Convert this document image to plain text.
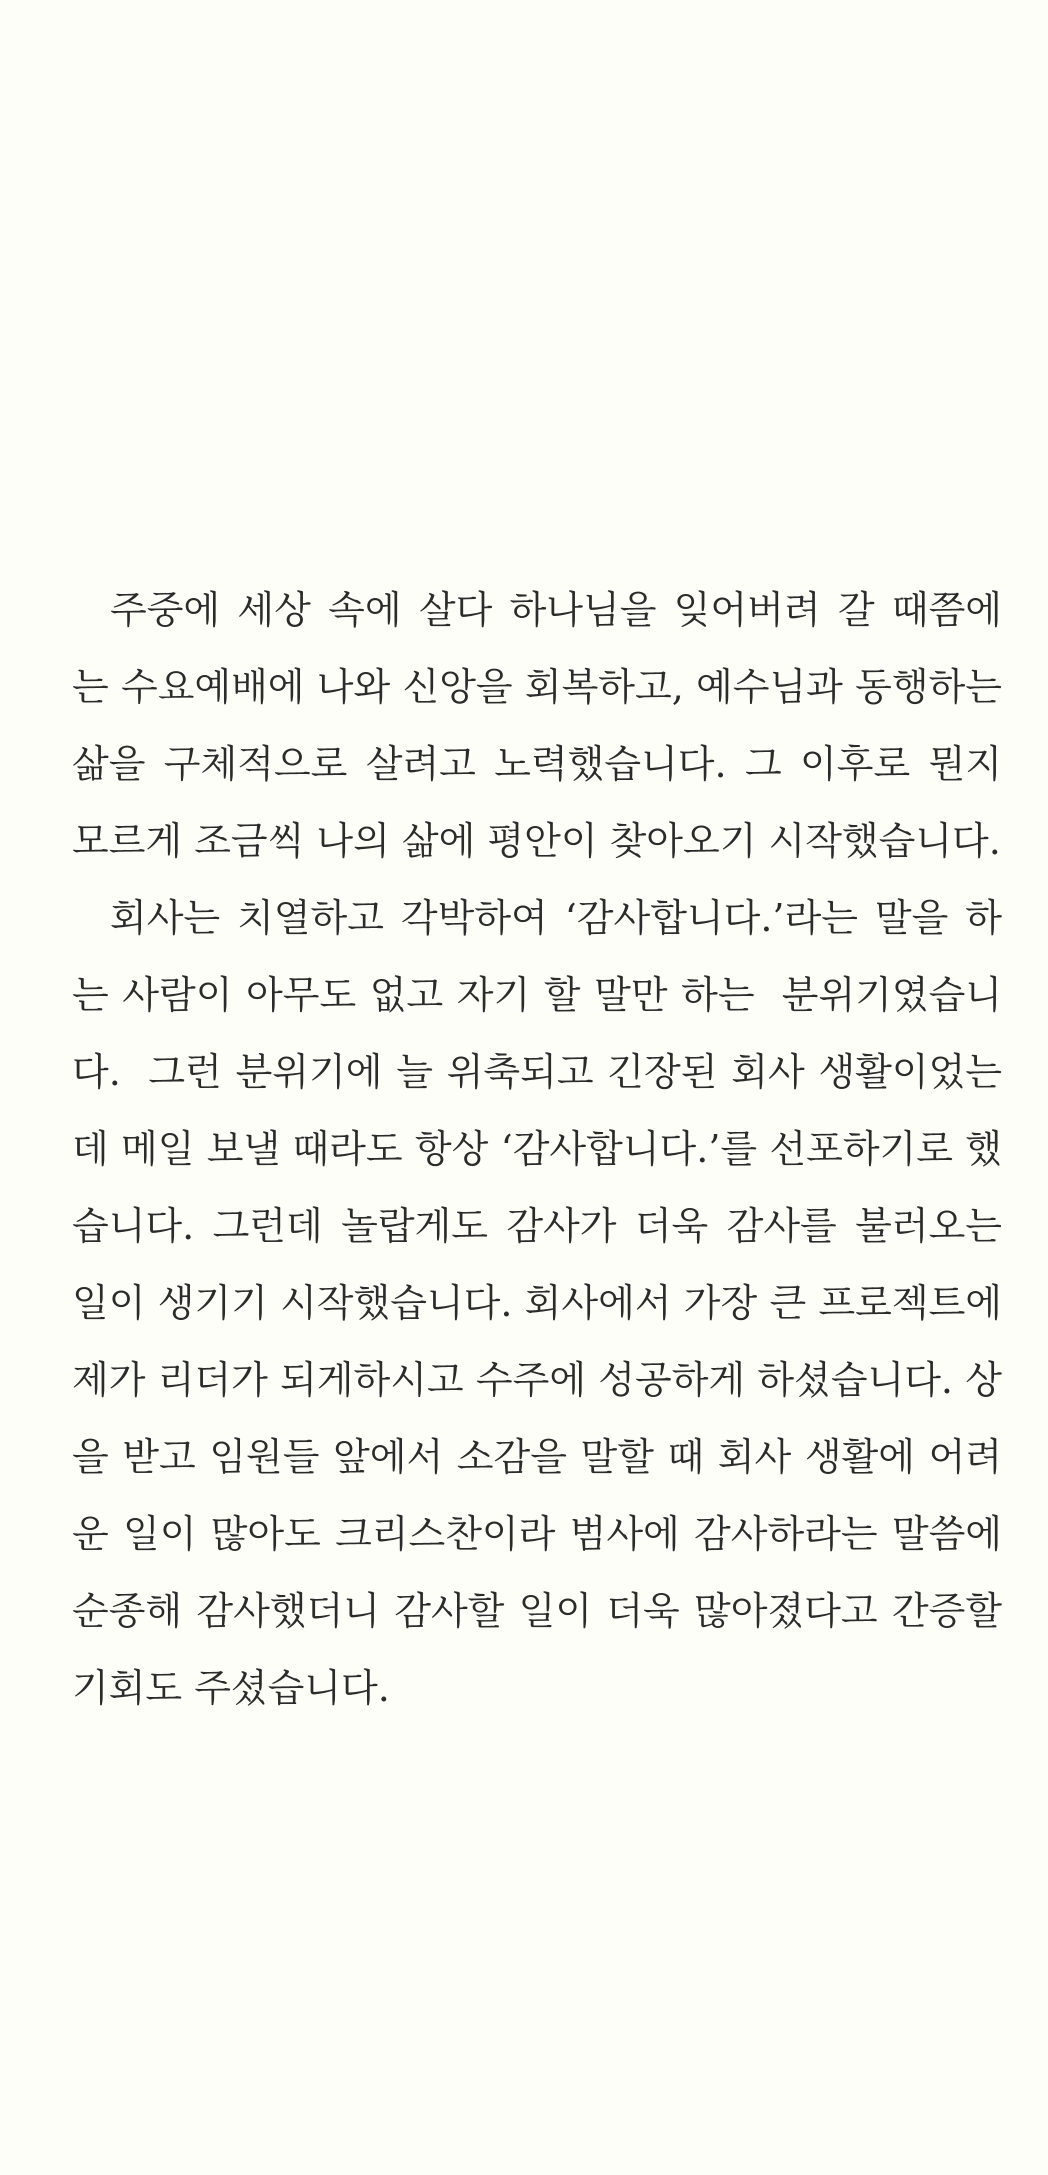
주중에 세상 속에 살다 하나님을 잊어버려 갈 때쯤에는 수요예배에 나와 신앙을 회복하고, 예수님과 동행하는 삶을 구체적으로 살려고 노력했습니다. 그 이후로 뭔지 모르게 조금씩 나의 삶에 평안이 찾아오기 시작했습니다.

회사는 치열하고 각박하여 ‘감사합니다.’라는 말을 하는 사람이 아무도 없고 자기 할 말만 하는  분위기였습니다.  그런 분위기에 늘 위축되고 긴장된 회사 생활이었는데 메일 보낼 때라도 항상 ‘감사합니다.’를 선포하기로 했습니다. 그런데 놀랍게도 감사가 더욱 감사를 불러오는 일이 생기기 시작했습니다. 회사에서 가장 큰 프로젝트에 제가 리더가 되게하시고 수주에 성공하게 하셨습니다. 상을 받고 임원들 앞에서 소감을 말할 때 회사 생활에 어려운 일이 많아도 크리스찬이라 범사에 감사하라는 말씀에 순종해 감사했더니 감사할 일이 더욱 많아졌다고 간증할 기회도 주셨습니다.
